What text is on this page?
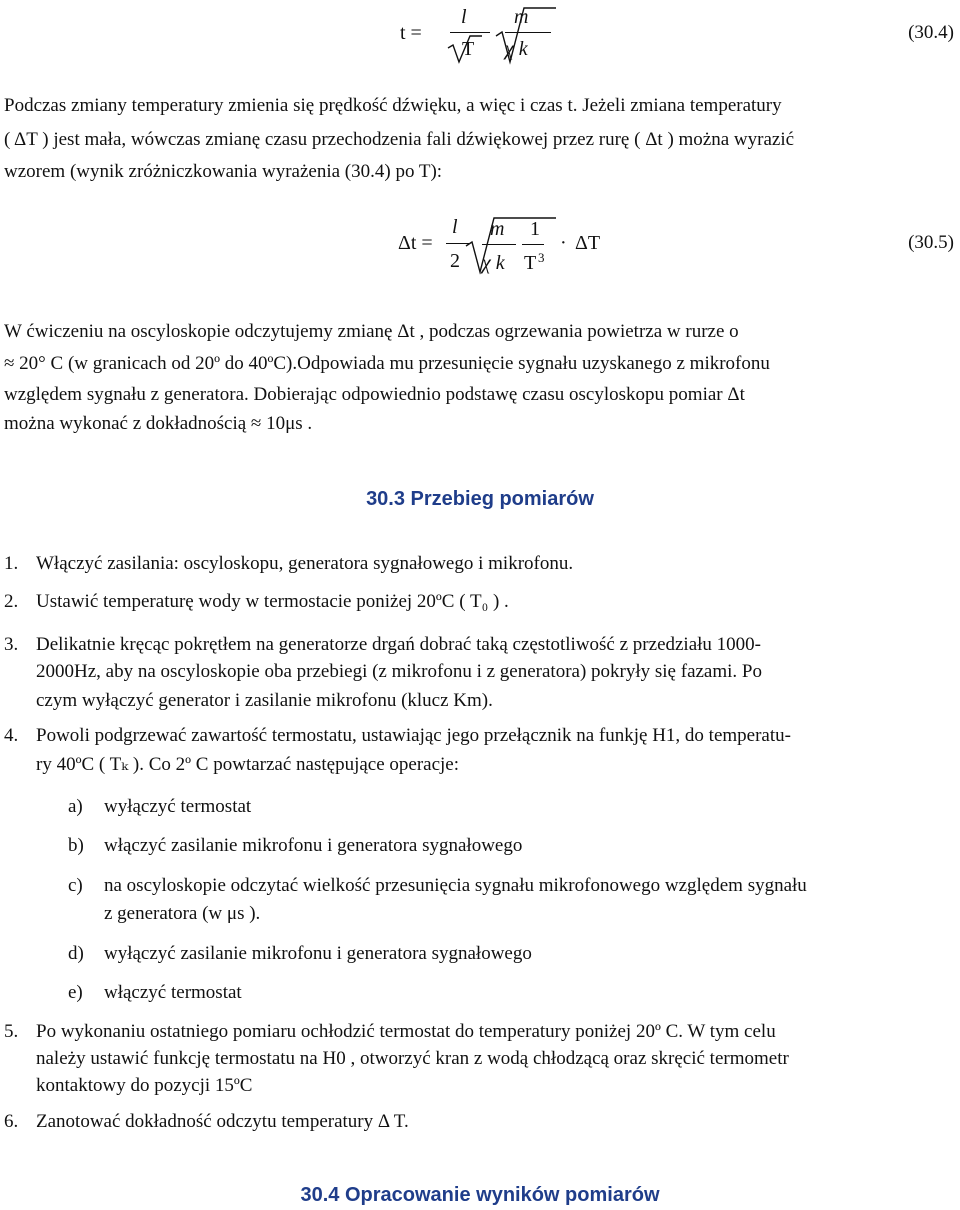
t =
l
T
m
χ k
(30.4)
Podczas zmiany temperatury zmienia się prędkość dźwięku, a więc i czas t. Jeżeli zmiana temperatury
( ΔT ) jest mała, wówczas zmianę czasu przechodzenia fali dźwiękowej przez rurę ( Δt ) można wyrazić
wzorem (wynik zróżniczkowania wyrażenia (30.4) po T):
Δt =
l
2
m 1
χ k T 3
· ΔT	(30.5)
W ćwiczeniu na oscyloskopie odczytujemy zmianę Δt , podczas ogrzewania powietrza w rurze o
≈ 20° C (w granicach od 20º do 40ºC).Odpowiada mu przesunięcie sygnału uzyskanego z mikrofonu
względem sygnału z generatora. Dobierając odpowiednio podstawę czasu oscyloskopu pomiar Δt
można wykonać z dokładnością ≈ 10μs .
30.3 Przebieg pomiarów
1. Włączyć zasilania: oscyloskopu, generatora sygnałowego i mikrofonu.
2. Ustawić temperaturę wody w termostacie poniżej 20ºC ( T₀ ) .
3. Delikatnie kręcąc pokrętłem na generatorze drgań dobrać taką częstotliwość z przedziału 1000-
2000Hz, aby na oscyloskopie oba przebiegi (z mikrofonu i z generatora) pokryły się fazami. Po
czym wyłączyć generator i zasilanie mikrofonu (klucz Km).
4. Powoli podgrzewać zawartość termostatu, ustawiając jego przełącznik na funkję H1, do temperatu-
ry 40ºC ( Tₖ ). Co 2º C powtarzać następujące operacje:
a) wyłączyć termostat
b) włączyć zasilanie mikrofonu i generatora sygnałowego
c) na oscyloskopie odczytać wielkość przesunięcia sygnału mikrofonowego względem sygnału
z generatora (w μs ).
d) wyłączyć zasilanie mikrofonu i generatora sygnałowego
e) włączyć termostat
5. Po wykonaniu ostatniego pomiaru ochłodzić termostat do temperatury poniżej 20º C. W tym celu
należy ustawić funkcję termostatu na H0 , otworzyć kran z wodą chłodzącą oraz skręcić termometr
kontaktowy do pozycji 15ºC
6. Zanotować dokładność odczytu temperatury Δ T.
30.4 Opracowanie wyników pomiarów
